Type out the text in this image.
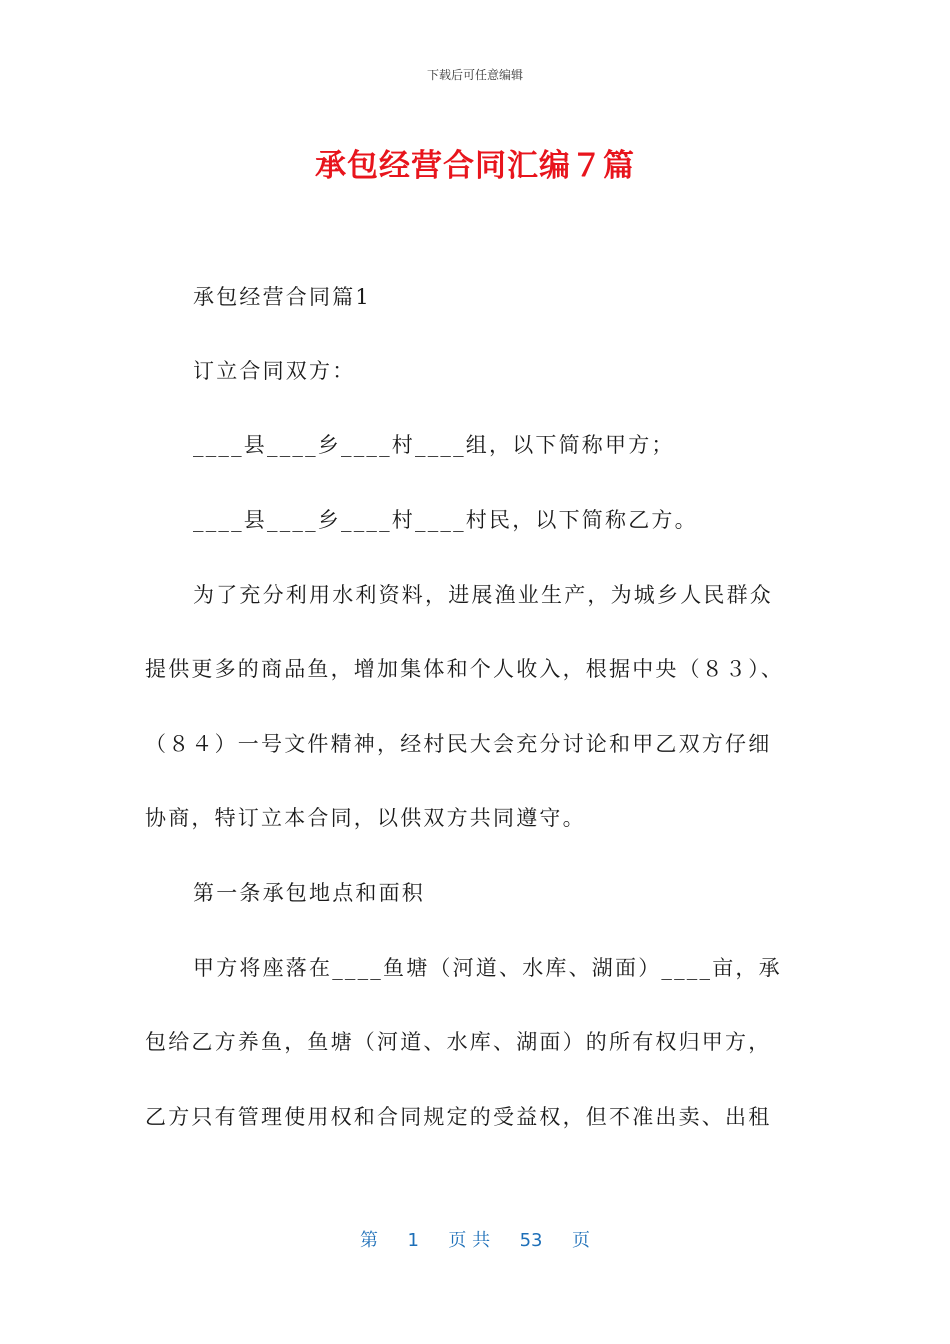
下载后可任意编辑
承包经营合同汇编７篇

承包经营合同篇1

订立合同双方：

____县____乡____村____组，以下简称甲方；

____县____乡____村____村民，以下简称乙方。

为了充分利用水利资料，进展渔业生产，为城乡人民群众

提供更多的商品鱼，增加集体和个人收入，根据中央（８３）、

（８４）一号文件精神，经村民大会充分讨论和甲乙双方仔细

协商，特订立本合同，以供双方共同遵守。

第一条承包地点和面积

甲方将座落在____鱼塘（河道、水库、湖面）____亩，承

包给乙方养鱼，鱼塘（河道、水库、湖面）的所有权归甲方，

乙方只有管理使用权和合同规定的受益权，但不准出卖、出租

第 1 页 共 53 页
